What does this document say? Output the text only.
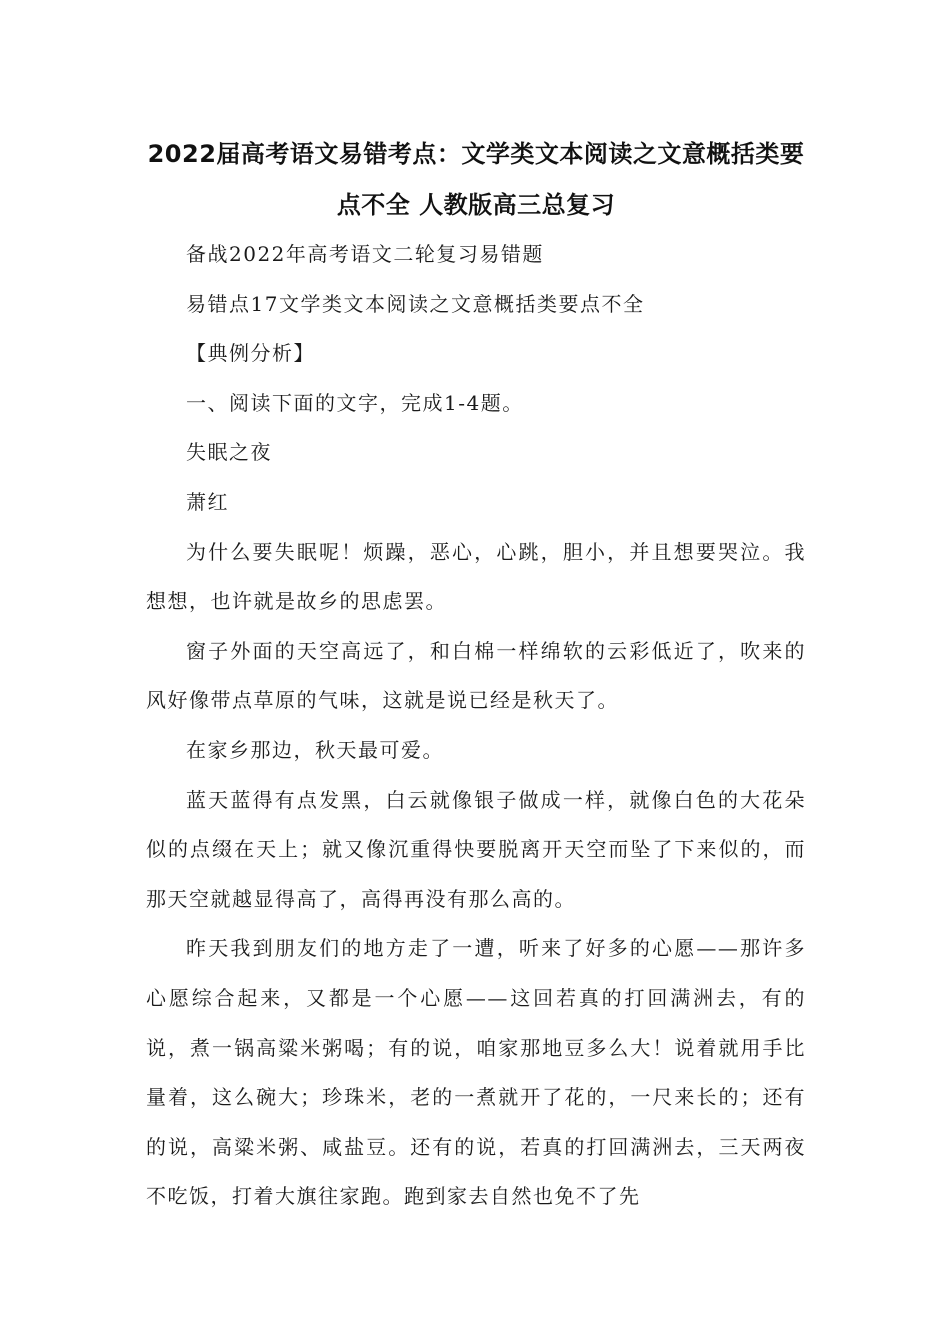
2022届高考语文易错考点：文学类文本阅读之文意概括类要
点不全 人教版高三总复习

备战2022年高考语文二轮复习易错题

易错点17文学类文本阅读之文意概括类要点不全

【典例分析】

一、阅读下面的文字，完成1-4题。

失眠之夜

萧红

为什么要失眠呢！烦躁，恶心，心跳，胆小，并且想要哭泣。我想想，也许就是故乡的思虑罢。

窗子外面的天空高远了，和白棉一样绵软的云彩低近了，吹来的风好像带点草原的气味，这就是说已经是秋天了。

在家乡那边，秋天最可爱。

蓝天蓝得有点发黑，白云就像银子做成一样，就像白色的大花朵似的点缀在天上；就又像沉重得快要脱离开天空而坠了下来似的，而那天空就越显得高了，高得再没有那么高的。

昨天我到朋友们的地方走了一遭，听来了好多的心愿——那许多心愿综合起来，又都是一个心愿——这回若真的打回满洲去，有的说，煮一锅高粱米粥喝；有的说，咱家那地豆多么大！说着就用手比量着，这么碗大；珍珠米，老的一煮就开了花的，一尺来长的；还有的说，高粱米粥、咸盐豆。还有的说，若真的打回满洲去，三天两夜不吃饭，打着大旗往家跑。跑到家去自然也免不了先
